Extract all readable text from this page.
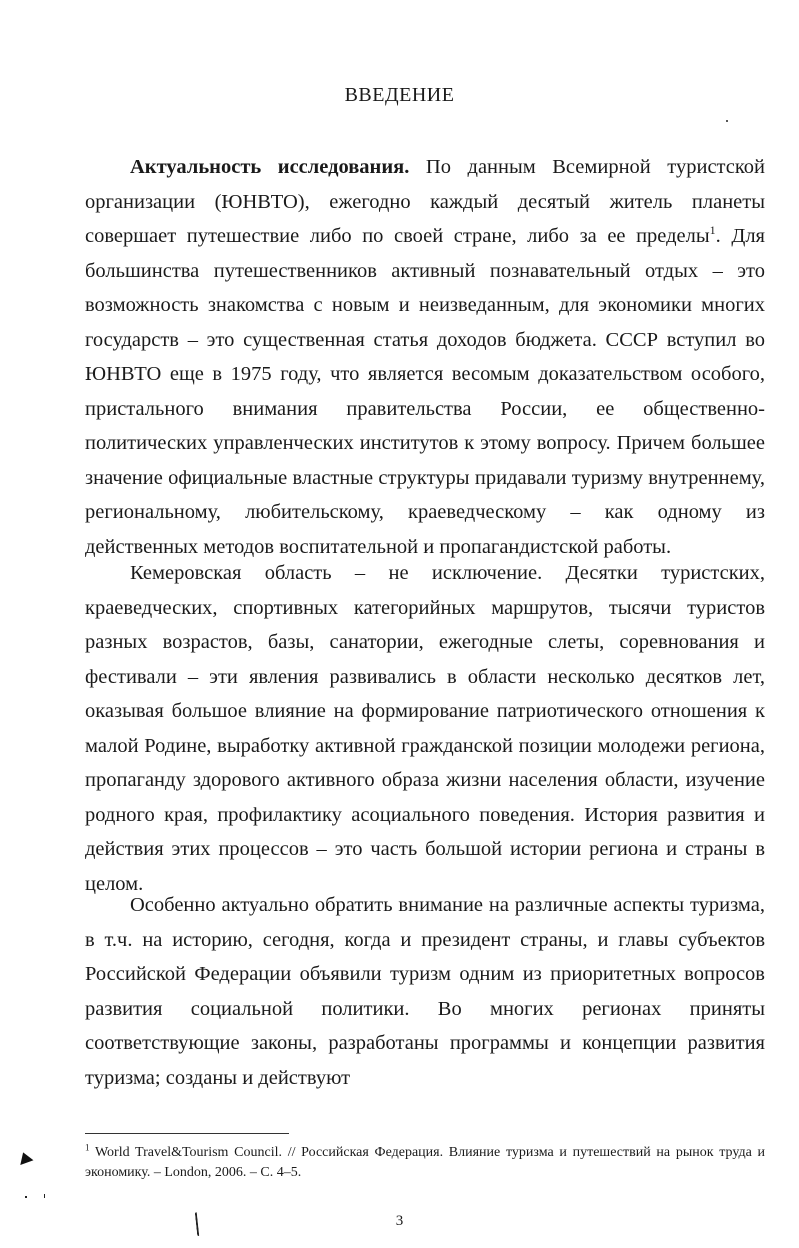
ВВЕДЕНИЕ

Актуальность исследования. По данным Всемирной туристской организации (ЮНВТО), ежегодно каждый десятый житель планеты совершает путешествие либо по своей стране, либо за ее пределы$^1$. Для большинства путешественников активный познавательный отдых – это возможность знакомства с новым и неизведанным, для экономики многих государств – это существенная статья доходов бюджета. СССР вступил во ЮНВТО еще в 1975 году, что является весомым доказательством особого, пристального внимания правительства России, ее общественно-политических управленческих институтов к этому вопросу. Причем большее значение официальные властные структуры придавали туризму внутреннему, региональному, любительскому, краеведческому – как одному из действенных методов воспитательной и пропагандистской работы.

Кемеровская область – не исключение. Десятки туристских, краеведческих, спортивных категорийных маршрутов, тысячи туристов разных возрастов, базы, санатории, ежегодные слеты, соревнования и фестивали – эти явления развивались в области несколько десятков лет, оказывая большое влияние на формирование патриотического отношения к малой Родине, выработку активной гражданской позиции молодежи региона, пропаганду здорового активного образа жизни населения области, изучение родного края, профилактику асоциального поведения. История развития и действия этих процессов – это часть большой истории региона и страны в целом.

Особенно актуально обратить внимание на различные аспекты туризма, в т.ч. на историю, сегодня, когда и президент страны, и главы субъектов Российской Федерации объявили туризм одним из приоритетных вопросов развития социальной политики. Во многих регионах приняты соответствующие законы, разработаны программы и концепции развития туризма; созданы и действуют

$^1$ World Travel&Tourism Council. // Российская Федерация. Влияние туризма и путешествий на рынок труда и экономику. – London, 2006. – С. 4–5.

3
